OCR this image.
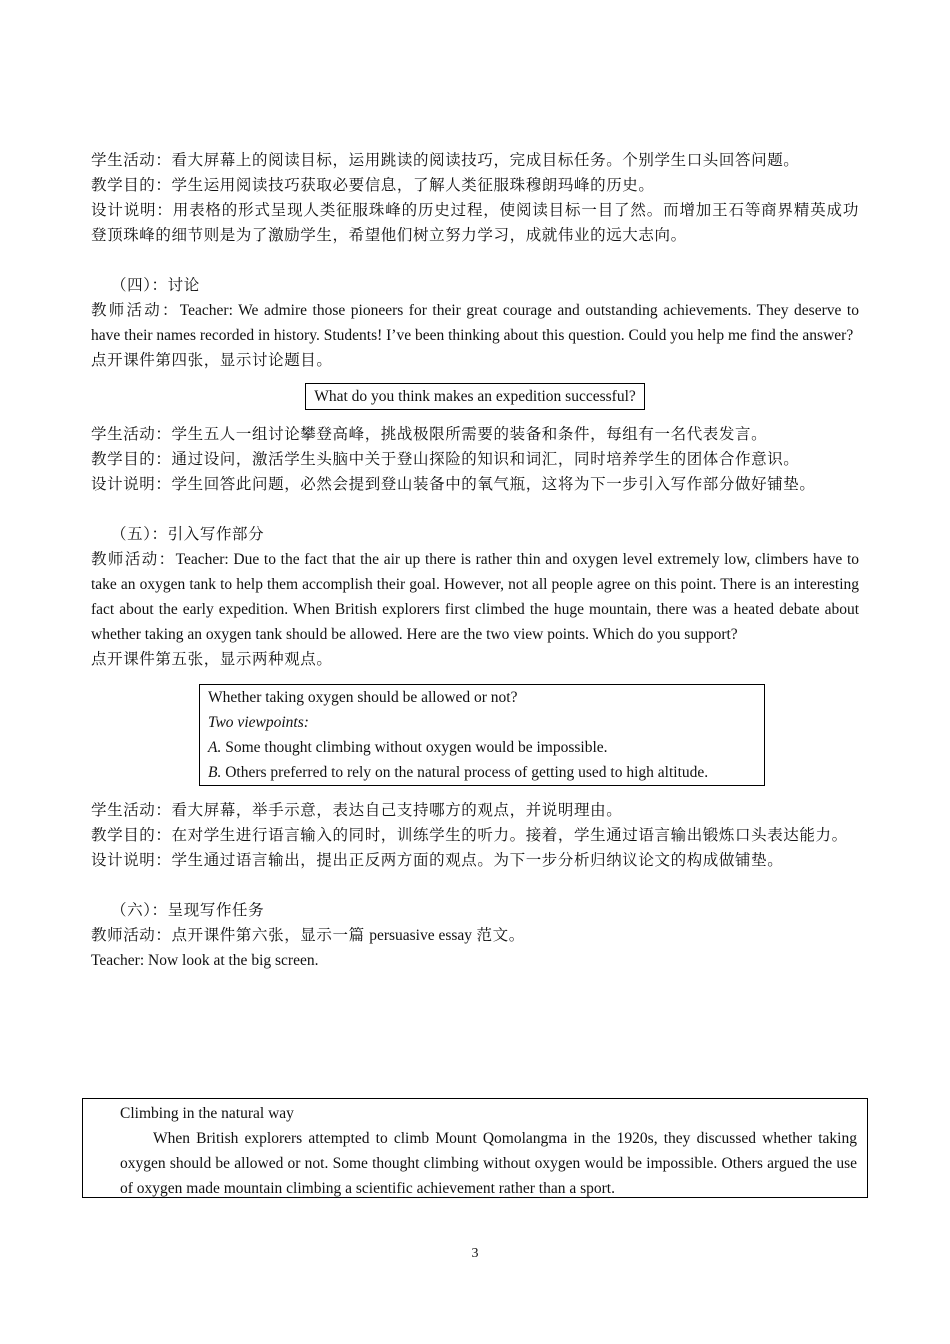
学生活动：看大屏幕上的阅读目标，运用跳读的阅读技巧，完成目标任务。个别学生口头回答问题。

教学目的：学生运用阅读技巧获取必要信息，了解人类征服珠穆朗玛峰的历史。

设计说明：用表格的形式呈现人类征服珠峰的历史过程，使阅读目标一目了然。而增加王石等商界精英成功登顶珠峰的细节则是为了激励学生，希望他们树立努力学习，成就伟业的远大志向。

（四）：讨论

教师活动：Teacher: We admire those pioneers for their great courage and outstanding achievements. They deserve to have their names recorded in history. Students! I’ve been thinking about this question. Could you help me find the answer?

点开课件第四张，显示讨论题目。

What do you think makes an expedition successful?

学生活动：学生五人一组讨论攀登高峰，挑战极限所需要的装备和条件，每组有一名代表发言。

教学目的：通过设问，激活学生头脑中关于登山探险的知识和词汇，同时培养学生的团体合作意识。

设计说明：学生回答此问题，必然会提到登山装备中的氧气瓶，这将为下一步引入写作部分做好铺垫。

（五）：引入写作部分

教师活动：Teacher: Due to the fact that the air up there is rather thin and oxygen level extremely low, climbers have to take an oxygen tank to help them accomplish their goal. However, not all people agree on this point. There is an interesting fact about the early expedition. When British explorers first climbed the huge mountain, there was a heated debate about whether taking an oxygen tank should be allowed. Here are the two view points. Which do you support?

点开课件第五张，显示两种观点。

Whether taking oxygen should be allowed or not?
Two viewpoints:
A. Some thought climbing without oxygen would be impossible.
B. Others preferred to rely on the natural process of getting used to high altitude.

学生活动：看大屏幕，举手示意，表达自己支持哪方的观点，并说明理由。

教学目的：在对学生进行语言输入的同时，训练学生的听力。接着，学生通过语言输出锻炼口头表达能力。

设计说明：学生通过语言输出，提出正反两方面的观点。为下一步分析归纳议论文的构成做铺垫。

（六）：呈现写作任务

教师活动：点开课件第六张，显示一篇 persuasive essay 范文。

Teacher: Now look at the big screen.

Climbing in the natural way

When British explorers attempted to climb Mount Qomolangma in the 1920s, they discussed whether taking oxygen should be allowed or not. Some thought climbing without oxygen would be impossible. Others argued the use of oxygen made mountain climbing a scientific achievement rather than a sport.

3
